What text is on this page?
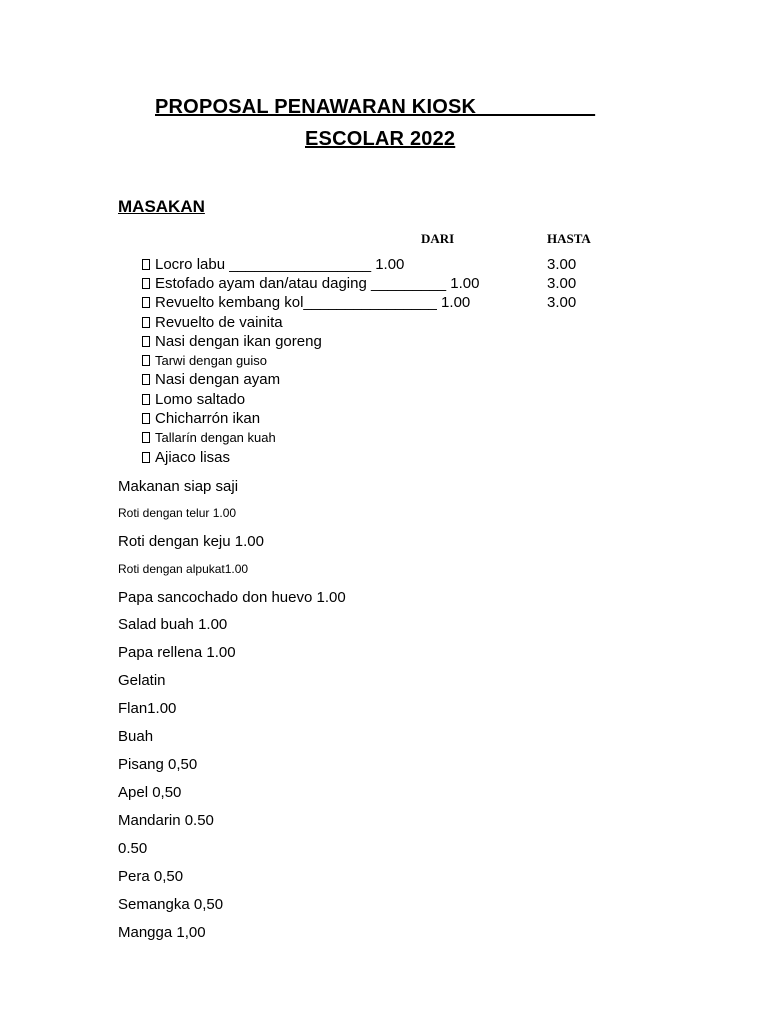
PROPOSAL PENAWARAN KIOSK __________
ESCOLAR 2022
MASAKAN
DARI	HASTA
Locro labu _________________ 1.00	3.00
Estofado ayam dan/atau daging _________ 1.00	3.00
Revuelto kembang kol________________ 1.00	3.00
Revuelto de vainita
Nasi dengan ikan goreng
Tarwi dengan guiso
Nasi dengan ayam
Lomo saltado
Chicharrón ikan
Tallarín dengan kuah
Ajiaco lisas
Makanan siap saji
Roti dengan telur 1.00
Roti dengan keju 1.00
Roti dengan alpukat1.00
Papa sancochado don huevo 1.00
Salad buah 1.00
Papa rellena 1.00
Gelatin
Flan1.00
Buah
Pisang 0,50
Apel 0,50
Mandarin 0.50
0.50
Pera 0,50
Semangka 0,50
Mangga 1,00
